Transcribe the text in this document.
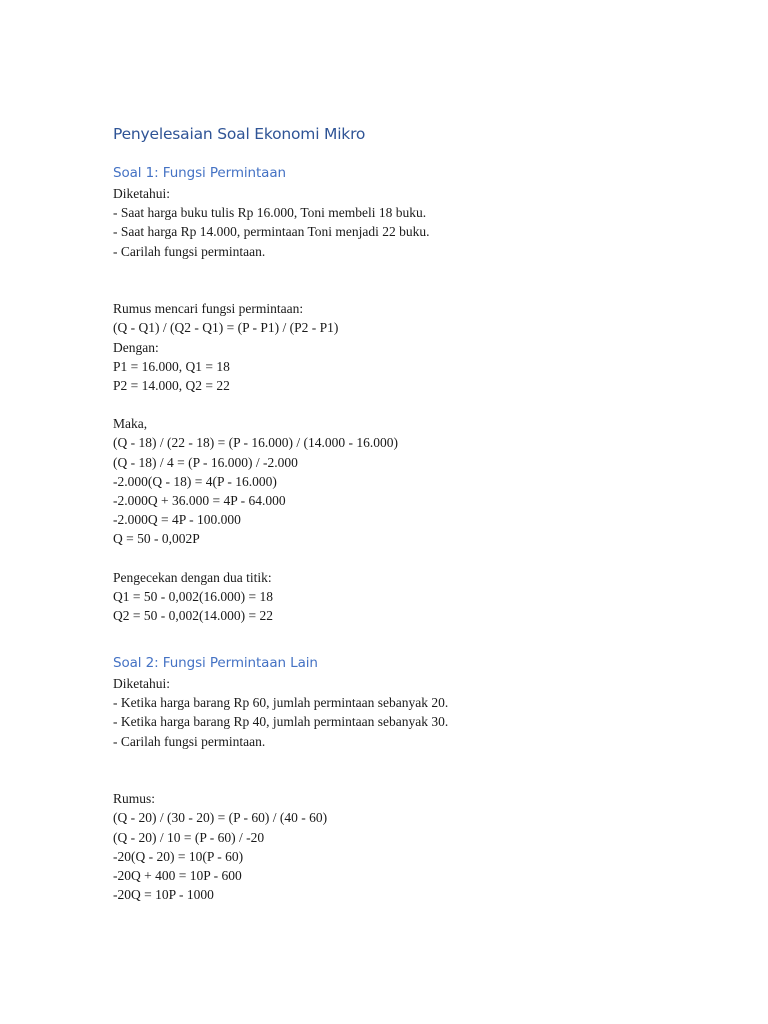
Penyelesaian Soal Ekonomi Mikro
Soal 1: Fungsi Permintaan
Diketahui:
- Saat harga buku tulis Rp 16.000, Toni membeli 18 buku.
- Saat harga Rp 14.000, permintaan Toni menjadi 22 buku.
- Carilah fungsi permintaan.
Rumus mencari fungsi permintaan:
(Q - Q1) / (Q2 - Q1) = (P - P1) / (P2 - P1)
Dengan:
P1 = 16.000, Q1 = 18
P2 = 14.000, Q2 = 22
Maka,
(Q - 18) / (22 - 18) = (P - 16.000) / (14.000 - 16.000)
(Q - 18) / 4 = (P - 16.000) / -2.000
-2.000(Q - 18) = 4(P - 16.000)
-2.000Q + 36.000 = 4P - 64.000
-2.000Q = 4P - 100.000
Q = 50 - 0,002P
Pengecekan dengan dua titik:
Q1 = 50 - 0,002(16.000) = 18
Q2 = 50 - 0,002(14.000) = 22
Soal 2: Fungsi Permintaan Lain
Diketahui:
- Ketika harga barang Rp 60, jumlah permintaan sebanyak 20.
- Ketika harga barang Rp 40, jumlah permintaan sebanyak 30.
- Carilah fungsi permintaan.
Rumus:
(Q - 20) / (30 - 20) = (P - 60) / (40 - 60)
(Q - 20) / 10 = (P - 60) / -20
-20(Q - 20) = 10(P - 60)
-20Q + 400 = 10P - 600
-20Q = 10P - 1000
